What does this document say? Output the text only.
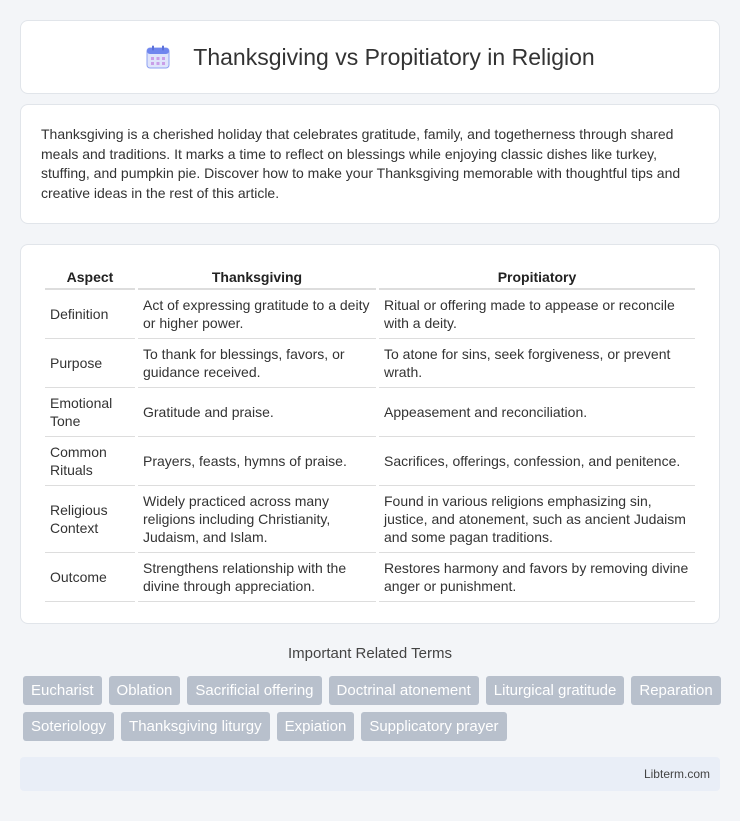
Thanksgiving vs Propitiatory in Religion

Thanksgiving is a cherished holiday that celebrates gratitude, family, and togetherness through shared meals and traditions. It marks a time to reflect on blessings while enjoying classic dishes like turkey, stuffing, and pumpkin pie. Discover how to make your Thanksgiving memorable with thoughtful tips and creative ideas in the rest of this article.

Aspect	Thanksgiving	Propitiatory
Definition	Act of expressing gratitude to a deity or higher power.	Ritual or offering made to appease or reconcile with a deity.
Purpose	To thank for blessings, favors, or guidance received.	To atone for sins, seek forgiveness, or prevent wrath.
Emotional Tone	Gratitude and praise.	Appeasement and reconciliation.
Common Rituals	Prayers, feasts, hymns of praise.	Sacrifices, offerings, confession, and penitence.
Religious Context	Widely practiced across many religions including Christianity, Judaism, and Islam.	Found in various religions emphasizing sin, justice, and atonement, such as ancient Judaism and some pagan traditions.
Outcome	Strengthens relationship with the divine through appreciation.	Restores harmony and favors by removing divine anger or punishment.
Important Related Terms
Eucharist	Oblation	Sacrificial offering	Doctrinal atonement	Liturgical gratitude	Reparation
Soteriology	Thanksgiving liturgy	Expiation	Supplicatory prayer
Libterm.com
